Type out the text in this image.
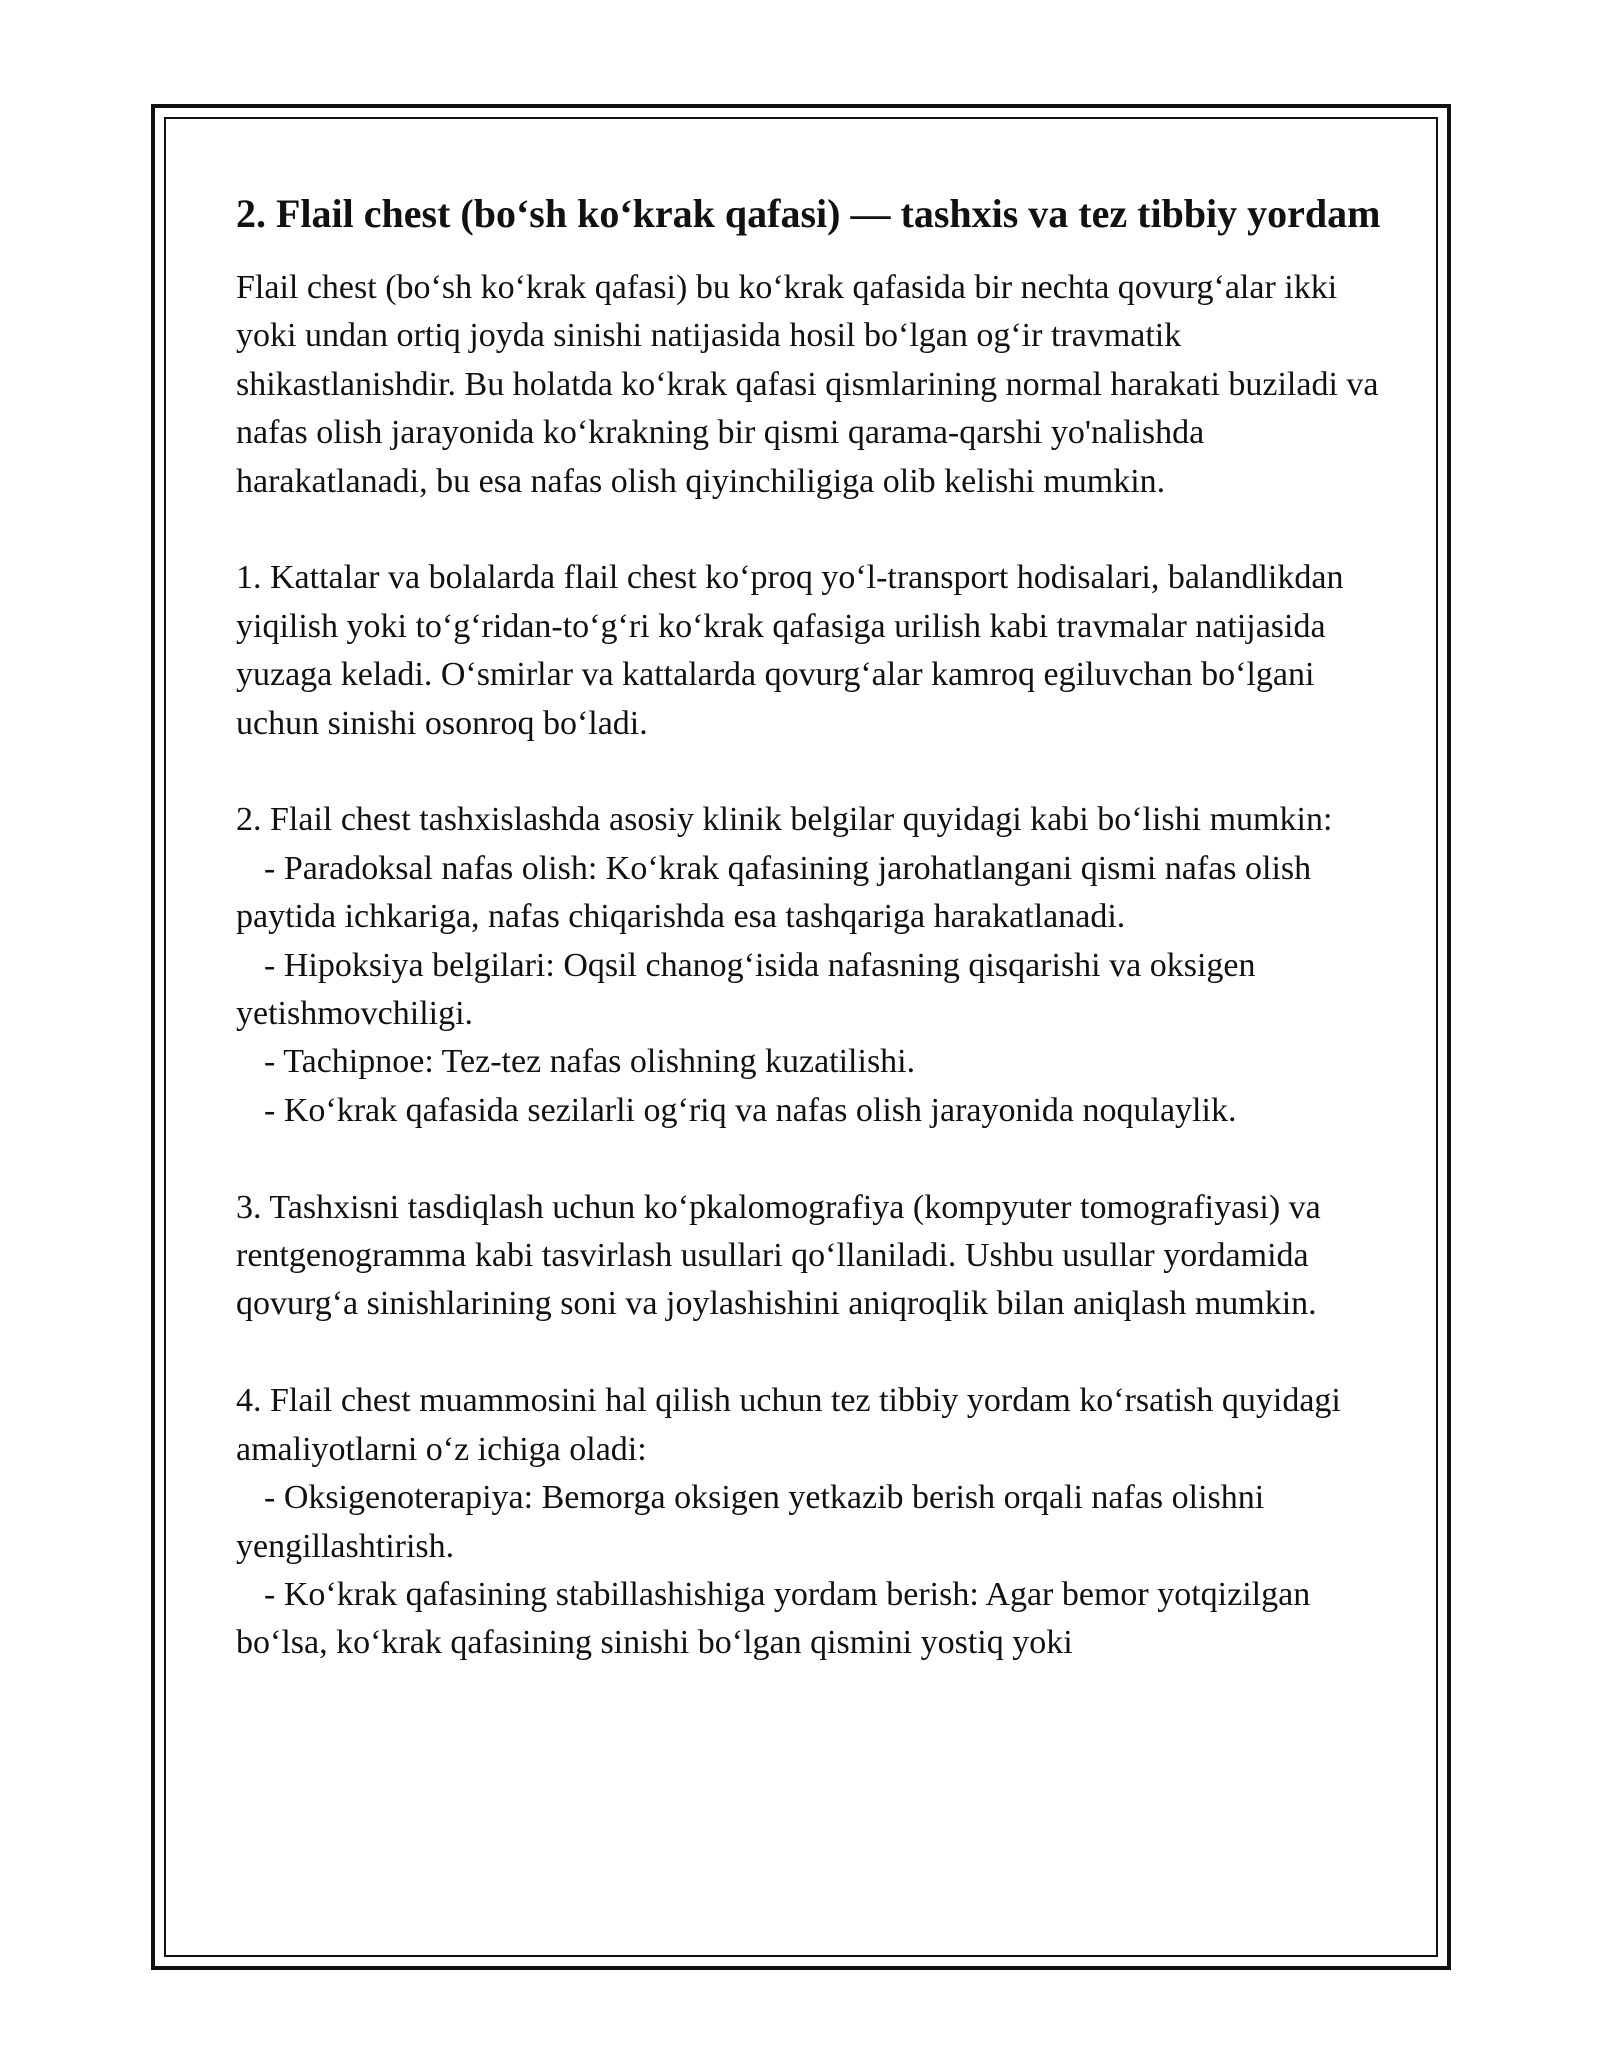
2. Flail chest (bo‘sh ko‘krak qafasi) — tashxis va tez tibbiy yordam

Flail chest (bo‘sh ko‘krak qafasi) bu ko‘krak qafasida bir nechta qovurg‘alar ikki yoki undan ortiq joyda sinishi natijasida hosil bo‘lgan og‘ir travmatik shikastlanishdir. Bu holatda ko‘krak qafasi qismlarining normal harakati buziladi va nafas olish jarayonida ko‘krakning bir qismi qarama-qarshi yo'nalishda harakatlanadi, bu esa nafas olish qiyinchiligiga olib kelishi mumkin.

1. Kattalar va bolalarda flail chest ko‘proq yo‘l-transport hodisalari, balandlikdan yiqilish yoki to‘g‘ridan-to‘g‘ri ko‘krak qafasiga urilish kabi travmalar natijasida yuzaga keladi. O‘smirlar va kattalarda qovurg‘alar kamroq egiluvchan bo‘lgani uchun sinishi osonroq bo‘ladi.

2. Flail chest tashxislashda asosiy klinik belgilar quyidagi kabi bo‘lishi mumkin:

- Paradoksal nafas olish: Ko‘krak qafasining jarohatlangani qismi nafas olish paytida ichkariga, nafas chiqarishda esa tashqariga harakatlanadi.

- Hipoksiya belgilari: Oqsil chanog‘isida nafasning qisqarishi va oksigen yetishmovchiligi.

- Tachipnoe: Tez-tez nafas olishning kuzatilishi.

- Ko‘krak qafasida sezilarli og‘riq va nafas olish jarayonida noqulaylik.

3. Tashxisni tasdiqlash uchun ko‘pkalomografiya (kompyuter tomografiyasi) va rentgenogramma kabi tasvirlash usullari qo‘llaniladi. Ushbu usullar yordamida qovurg‘a sinishlarining soni va joylashishini aniqroqlik bilan aniqlash mumkin.

4. Flail chest muammosini hal qilish uchun tez tibbiy yordam ko‘rsatish quyidagi amaliyotlarni o‘z ichiga oladi:

- Oksigenoterapiya: Bemorga oksigen yetkazib berish orqali nafas olishni yengillashtirish.

- Ko‘krak qafasining stabillashishiga yordam berish: Agar bemor yotqizilgan bo‘lsa, ko‘krak qafasining sinishi bo‘lgan qismini yostiq yoki
